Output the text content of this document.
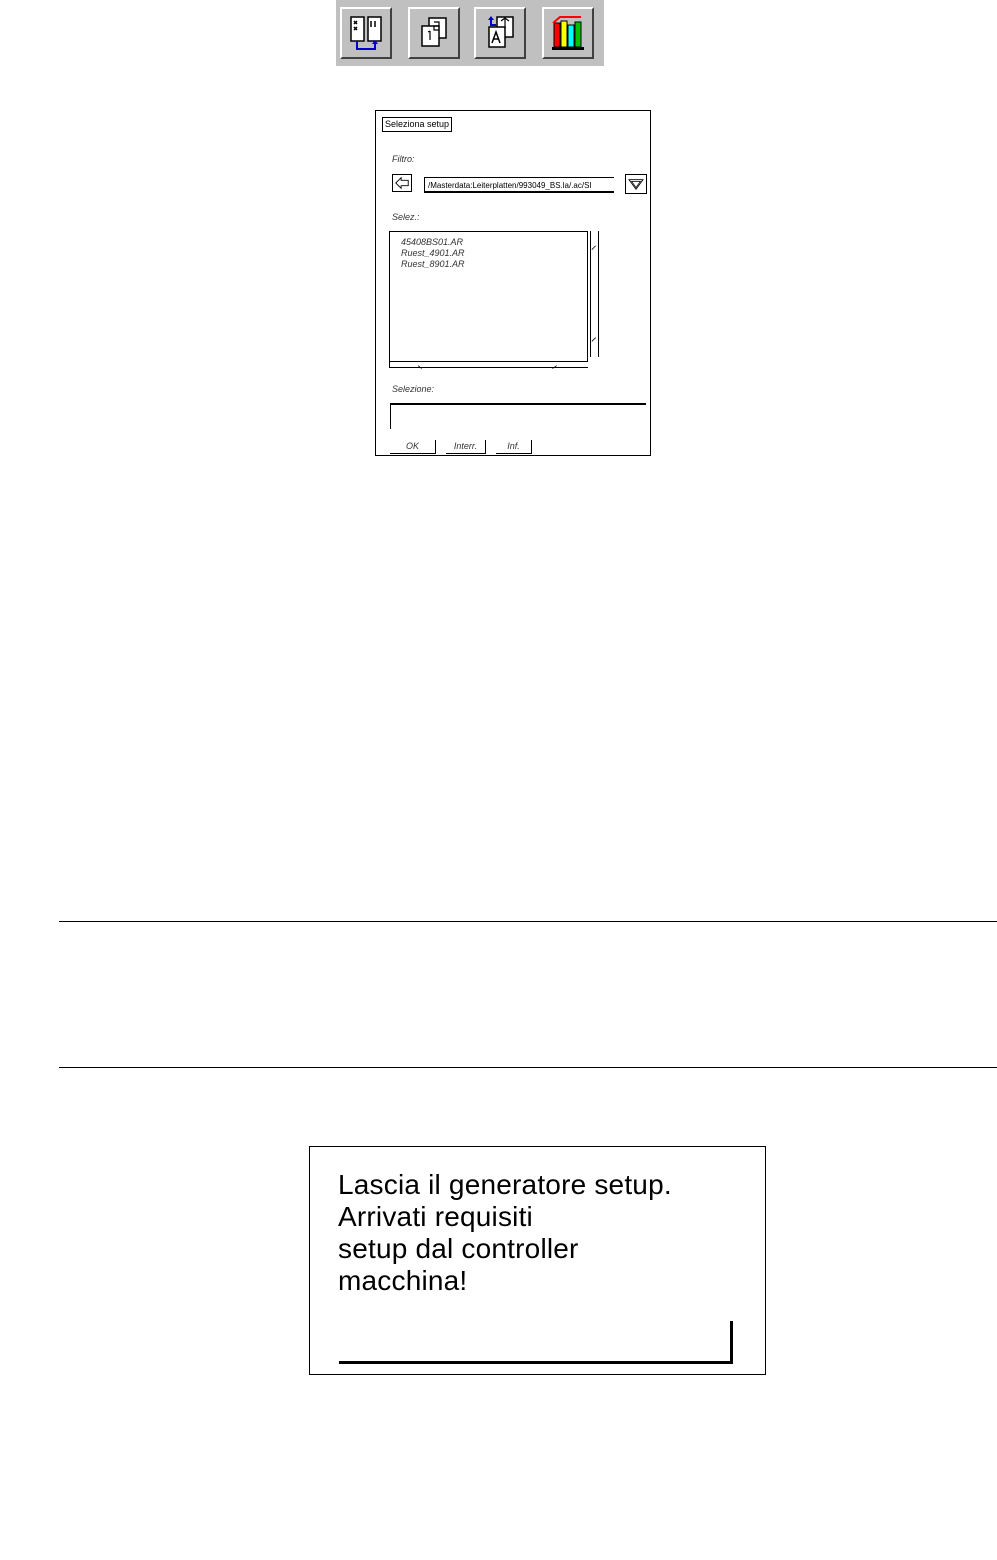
Seleziona setup
Filtro:
/Masterdata:Leiterplatten/993049_BS.la/.ac/SI
Selez.:
45408BS01.AR
Ruest_4901.AR
Ruest_8901.AR
Selezione:
OK	Interr.	Inf.
Lascia il generatore setup.
Arrivati requisiti
setup dal controller
macchina!
